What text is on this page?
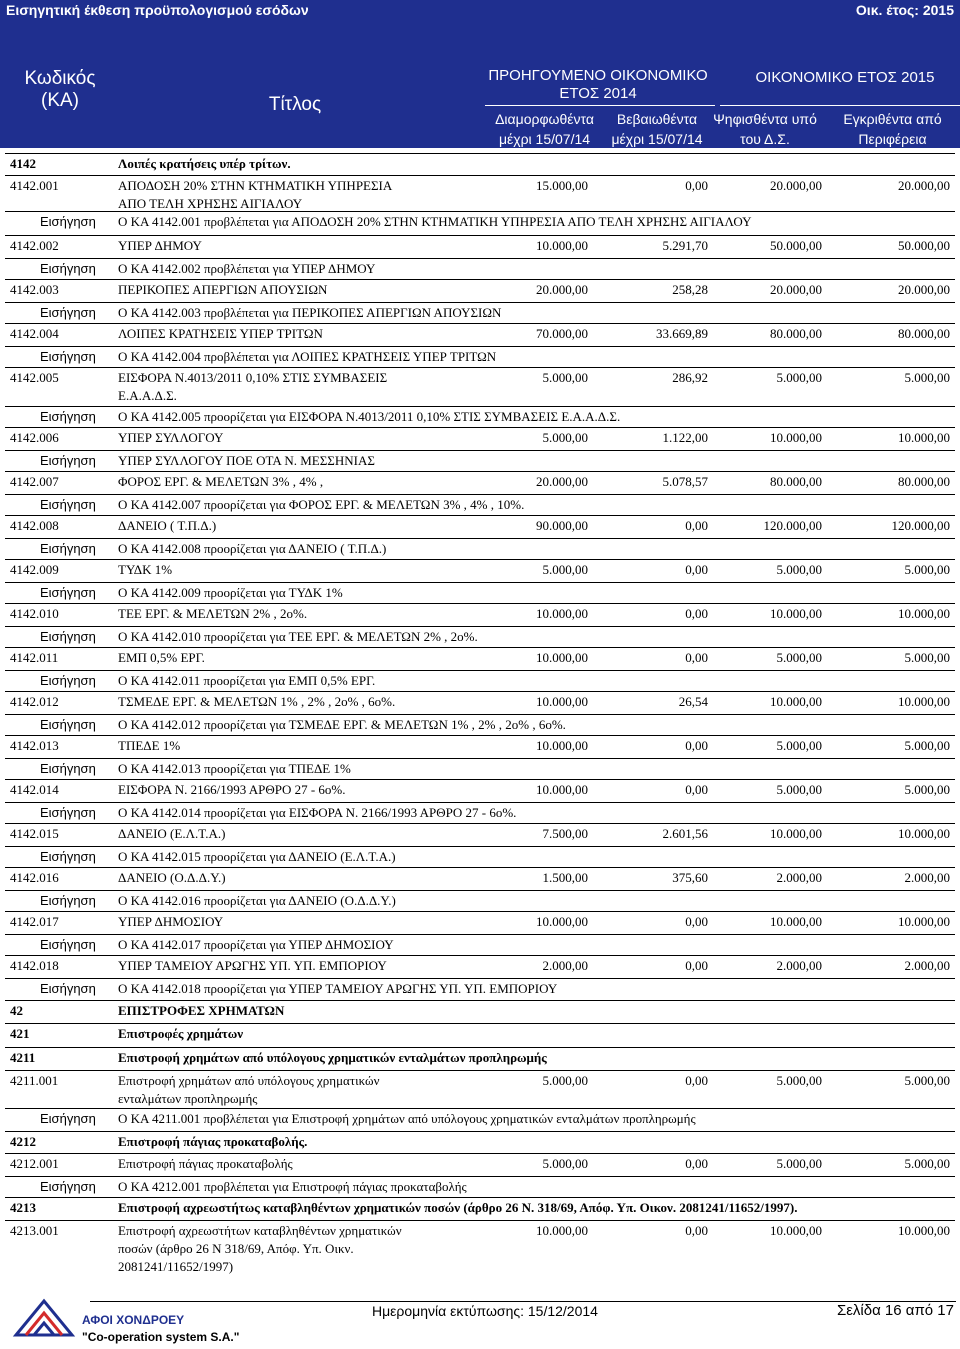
Εισηγητική έκθεση προϋπολογισμού εσόδων	Οικ. έτος: 2015
Κωδικός
(ΚΑ)	Τίτλος
ΠΡΟΗΓΟΥΜΕΝΟ ΟΙΚΟΝΟΜΙΚΟ
ΕΤΟΣ 2014
ΟΙΚΟΝΟΜΙΚΟ ΕΤΟΣ 2015
Διαμορφωθέντα
μέχρι 15/07/14
Βεβαιωθέντα
μέχρι 15/07/14
Ψηφισθέντα υπό
του Δ.Σ.
Εγκριθέντα από
Περιφέρεια
4142	Λοιπές κρατήσεις υπέρ τρίτων.
4142.001	ΑΠΟΔΟΣΗ 20% ΣΤΗΝ ΚΤΗΜΑΤΙΚΗ ΥΠΗΡΕΣΙΑ
ΑΠΟ ΤΕΛΗ ΧΡΗΣΗΣ ΑΙΓΙΑΛΟΥ
15.000,00	0,00	20.000,00	20.000,00
Εισήγηση Ο ΚΑ 4142.001 προβλέπεται για ΑΠΟΔΟΣΗ 20% ΣΤΗΝ ΚΤΗΜΑΤΙΚΗ ΥΠΗΡΕΣΙΑ ΑΠΟ ΤΕΛΗ ΧΡΗΣΗΣ ΑΙΓΙΑΛΟΥ
4142.002	ΥΠΕΡ ΔΗΜΟΥ	10.000,00	5.291,70	50.000,00	50.000,00
Εισήγηση Ο ΚΑ 4142.002 προβλέπεται για ΥΠΕΡ ΔΗΜΟΥ
4142.003	ΠΕΡΙΚΟΠΕΣ ΑΠΕΡΓΙΩΝ ΑΠΟΥΣΙΩΝ	20.000,00	258,28	20.000,00	20.000,00
Εισήγηση Ο ΚΑ 4142.003 προβλέπεται για ΠΕΡΙΚΟΠΕΣ ΑΠΕΡΓΙΩΝ ΑΠΟΥΣΙΩΝ
4142.004	ΛΟΙΠΕΣ ΚΡΑΤΗΣΕΙΣ ΥΠΕΡ ΤΡΙΤΩΝ	70.000,00	33.669,89	80.000,00	80.000,00
Εισήγηση Ο ΚΑ 4142.004 προβλέπεται για ΛΟΙΠΕΣ ΚΡΑΤΗΣΕΙΣ ΥΠΕΡ ΤΡΙΤΩΝ
4142.005	ΕΙΣΦΟΡΑ Ν.4013/2011 0,10% ΣΤΙΣ ΣΥΜΒΑΣΕΙΣ
Ε.Α.Α.Δ.Σ.
5.000,00	286,92	5.000,00	5.000,00
Εισήγηση Ο ΚΑ 4142.005 προορίζεται για ΕΙΣΦΟΡΑ Ν.4013/2011 0,10% ΣΤΙΣ ΣΥΜΒΑΣΕΙΣ Ε.Α.Α.Δ.Σ.
4142.006	ΥΠΕΡ ΣΥΛΛΟΓΟΥ	5.000,00	1.122,00	10.000,00	10.000,00
Εισήγηση ΥΠΕΡ ΣΥΛΛΟΓΟΥ ΠΟΕ ΟΤΑ Ν. ΜΕΣΣΗΝΙΑΣ
4142.007	ΦΟΡΟΣ ΕΡΓ. & ΜΕΛΕΤΩΝ 3% , 4% ,	20.000,00	5.078,57	80.000,00	80.000,00
Εισήγηση Ο ΚΑ 4142.007 προορίζεται για ΦΟΡΟΣ ΕΡΓ. & ΜΕΛΕΤΩΝ 3% , 4% , 10%.
4142.008	ΔΑΝΕΙΟ ( Τ.Π.Δ.)	90.000,00	0,00	120.000,00	120.000,00
Εισήγηση Ο ΚΑ 4142.008 προορίζεται για ΔΑΝΕΙΟ ( Τ.Π.Δ.)
4142.009	ΤΥΔΚ 1%	5.000,00	0,00	5.000,00	5.000,00
Εισήγηση Ο ΚΑ 4142.009 προορίζεται για ΤΥΔΚ 1%
4142.010	ΤΕΕ ΕΡΓ. & ΜΕΛΕΤΩΝ 2% , 2ο%.	10.000,00	0,00	10.000,00	10.000,00
Εισήγηση Ο ΚΑ 4142.010 προορίζεται για ΤΕΕ ΕΡΓ. & ΜΕΛΕΤΩΝ 2% , 2ο%.
4142.011	ΕΜΠ 0,5% ΕΡΓ.	10.000,00	0,00	5.000,00	5.000,00
Εισήγηση Ο ΚΑ 4142.011 προορίζεται για ΕΜΠ 0,5% ΕΡΓ.
4142.012	ΤΣΜΕΔΕ ΕΡΓ. & ΜΕΛΕΤΩΝ 1% , 2% , 2ο% , 6ο%.	10.000,00	26,54	10.000,00	10.000,00
Εισήγηση Ο ΚΑ 4142.012 προορίζεται για ΤΣΜΕΔΕ ΕΡΓ. & ΜΕΛΕΤΩΝ 1% , 2% , 2ο% , 6ο%.
4142.013	ΤΠΕΔΕ 1%	10.000,00	0,00	5.000,00	5.000,00
Εισήγηση Ο ΚΑ 4142.013 προορίζεται για ΤΠΕΔΕ 1%
4142.014	ΕΙΣΦΟΡΑ Ν. 2166/1993 ΑΡΘΡΟ 27 - 6ο%.	10.000,00	0,00	5.000,00	5.000,00
Εισήγηση Ο ΚΑ 4142.014 προορίζεται για ΕΙΣΦΟΡΑ Ν. 2166/1993 ΑΡΘΡΟ 27 - 6ο%.
4142.015	ΔΑΝΕΙΟ (Ε.Λ.Τ.Α.)	7.500,00	2.601,56	10.000,00	10.000,00
Εισήγηση Ο ΚΑ 4142.015 προορίζεται για ΔΑΝΕΙΟ (Ε.Λ.Τ.Α.)
4142.016	ΔΑΝΕΙΟ (Ο.Δ.Δ.Υ.)	1.500,00	375,60	2.000,00	2.000,00
Εισήγηση Ο ΚΑ 4142.016 προορίζεται για ΔΑΝΕΙΟ (Ο.Δ.Δ.Υ.)
4142.017	ΥΠΕΡ ΔΗΜΟΣΙΟΥ	10.000,00	0,00	10.000,00	10.000,00
Εισήγηση Ο ΚΑ 4142.017 προορίζεται για ΥΠΕΡ ΔΗΜΟΣΙΟΥ
4142.018	ΥΠΕΡ ΤΑΜΕΙΟΥ ΑΡΩΓΗΣ ΥΠ. ΥΠ. ΕΜΠΟΡΙΟΥ	2.000,00	0,00	2.000,00	2.000,00
Εισήγηση Ο ΚΑ 4142.018 προορίζεται για ΥΠΕΡ ΤΑΜΕΙΟΥ ΑΡΩΓΗΣ ΥΠ. ΥΠ. ΕΜΠΟΡΙΟΥ
42	ΕΠΙΣΤΡΟΦΕΣ ΧΡΗΜΑΤΩΝ
421	Επιστροφές χρημάτων
4211	Επιστροφή χρημάτων από υπόλογους χρηματικών ενταλμάτων προπληρωμής
4211.001	Επιστροφή χρημάτων από υπόλογους χρηματικών
ενταλμάτων προπληρωμής
5.000,00	0,00	5.000,00	5.000,00
Εισήγηση Ο ΚΑ 4211.001 προβλέπεται για Επιστροφή χρημάτων από υπόλογους χρηματικών ενταλμάτων προπληρωμής
4212	Επιστροφή πάγιας προκαταβολής.
4212.001	Επιστροφή πάγιας προκαταβολής	5.000,00	0,00	5.000,00	5.000,00
Εισήγηση Ο ΚΑ 4212.001 προβλέπεται για Επιστροφή πάγιας προκαταβολής
4213	Επιστροφή αχρεωστήτως καταβληθέντων χρηματικών ποσών (άρθρο 26 Ν. 318/69, Απόφ. Υπ. Οικον. 2081241/11652/1997).
4213.001	Επιστροφή αχρεωστήτων καταβληθέντων χρηματικών
ποσών (άρθρο 26 Ν 318/69, Απόφ. Υπ. Οικν.
2081241/11652/1997)
10.000,00	0,00	10.000,00	10.000,00
ΑΦΟΙ ΧΟΝΔΡΟΕΥ
"Co-operation system S.A."
Ημερομηνία εκτύπωσης: 15/12/2014	Σελίδα 16 από 17
